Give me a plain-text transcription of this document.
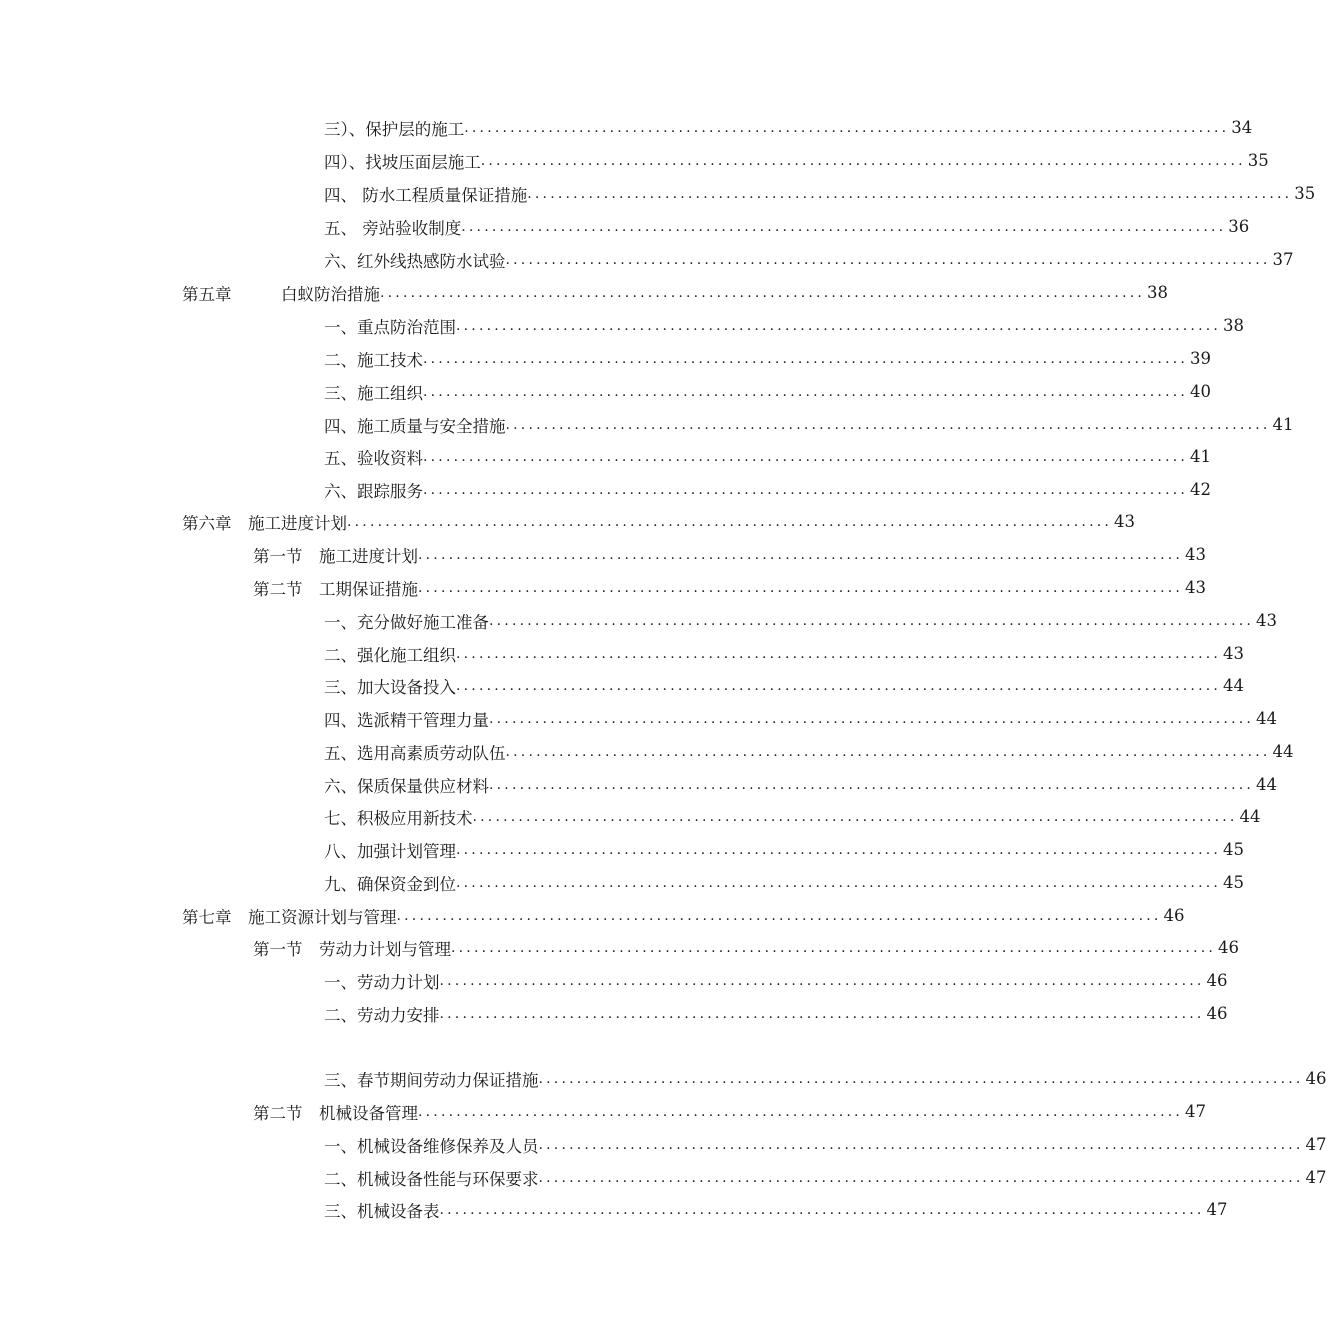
三）、保护层的施工 .................................................................................................... 34
四）、找坡压面层施工 .................................................................................................... 35
四、 防水工程质量保证措施 .................................................................................................... 35
五、 旁站验收制度 .................................................................................................... 36
六、红外线热感防水试验 .................................................................................................... 37
第五章　　　白蚁防治措施 .................................................................................................... 38
一、重点防治范围 .................................................................................................... 38
二、施工技术 .................................................................................................... 39
三、施工组织 .................................................................................................... 40
四、施工质量与安全措施 .................................................................................................... 41
五、验收资料 .................................................................................................... 41
六、跟踪服务 .................................................................................................... 42
第六章　施工进度计划 .................................................................................................... 43
第一节　施工进度计划 .................................................................................................... 43
第二节　工期保证措施 .................................................................................................... 43
一、充分做好施工准备 .................................................................................................... 43
二、强化施工组织 .................................................................................................... 43
三、加大设备投入 .................................................................................................... 44
四、选派精干管理力量 .................................................................................................... 44
五、选用高素质劳动队伍 .................................................................................................... 44
六、保质保量供应材料 .................................................................................................... 44
七、积极应用新技术 .................................................................................................... 44
八、加强计划管理 .................................................................................................... 45
九、确保资金到位 .................................................................................................... 45
第七章　施工资源计划与管理 .................................................................................................... 46
第一节　劳动力计划与管理 .................................................................................................... 46
一、劳动力计划 .................................................................................................... 46
二、劳动力安排 .................................................................................................... 46
三、春节期间劳动力保证措施 .................................................................................................... 46
第二节　机械设备管理 .................................................................................................... 47
一、机械设备维修保养及人员 .................................................................................................... 47
二、机械设备性能与环保要求 .................................................................................................... 47
三、机械设备表 .................................................................................................... 47
